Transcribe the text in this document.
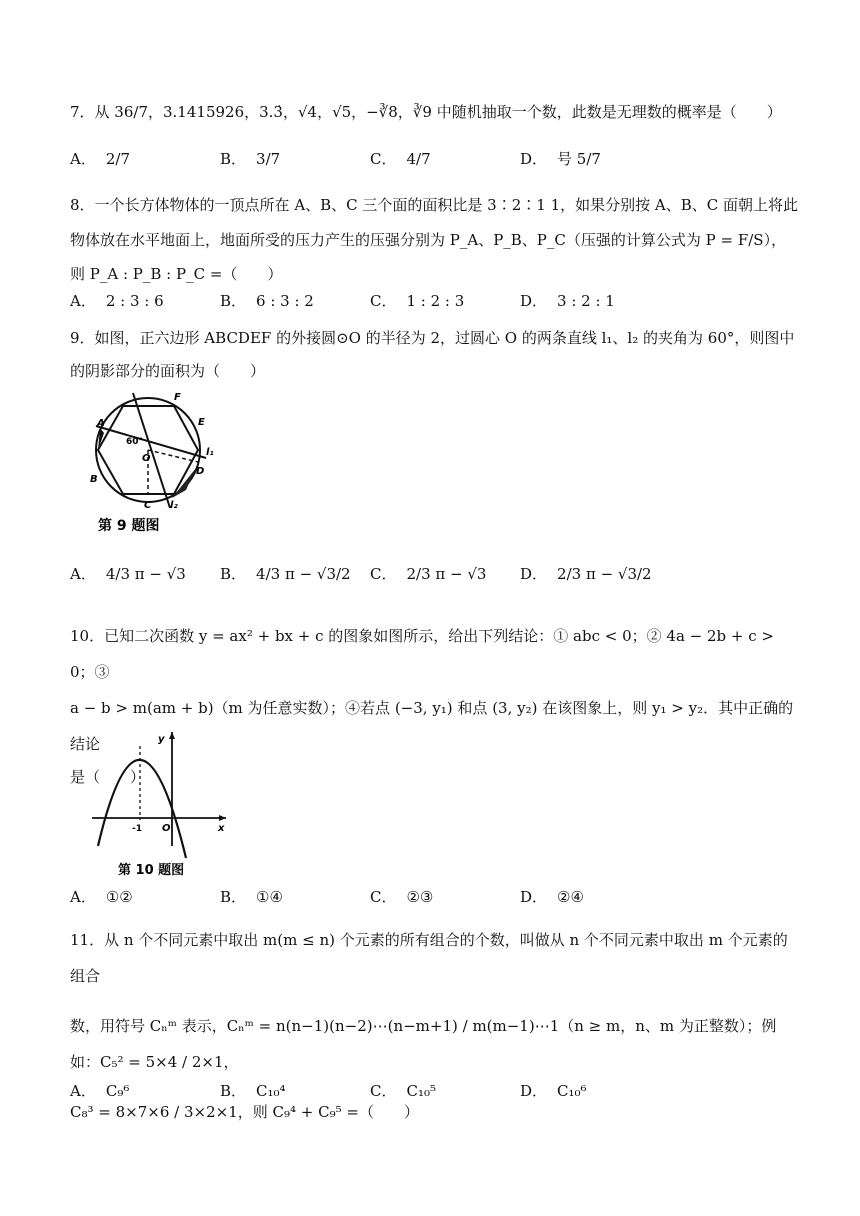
7．从 36/7，3.1415926，3.3̇，√4，√5，−∛8，∛9 中随机抽取一个数，此数是无理数的概率是（　　）

A． 2/7	B． 3/7	C． 4/7	D． 号 5/7

8．一个长方体物体的一顶点所在 A、B、C 三个面的面积比是 3∶2∶1 1，如果分别按 A、B、C 面朝上将此物体放在水平地面上，地面所受的压力产生的压强分别为 P_A、P_B、P_C（压强的计算公式为 P = F/S），则 P_A : P_B : P_C =（　　）

A． 2 : 3 : 6	B． 6 : 3 : 2	C． 1 : 2 : 3	D． 3 : 2 : 1

9．如图，正六边形 ABCDEF 的外接圆⊙O 的半径为 2，过圆心 O 的两条直线 l₁、l₂ 的夹角为 60°，则图中的阴影部分的面积为（　　）

A
F
E
60°
O
l₁
D
B
C l₂
第 9 题图
A． 4/3 π − √3 B． 4/3 π − √3/2 C． 2/3 π − √3 D． 2/3 π − √3/2

10．已知二次函数 y = ax² + bx + c 的图象如图所示，给出下列结论：① abc < 0；② 4a − 2b + c > 0；③

a − b > m(am + b)（m 为任意实数）；④若点 (−3, y₁) 和点 (3, y₂) 在该图象上，则 y₁ > y₂．其中正确的结论

是（　　）

y
-1 O	x
第 10 题图
A． ①②	B． ①④	C． ②③	D． ②④

11．从 n 个不同元素中取出 m(m ≤ n) 个元素的所有组合的个数，叫做从 n 个不同元素中取出 m 个元素的组合

数，用符号 Cₙᵐ 表示，Cₙᵐ = n(n−1)(n−2)⋯(n−m+1) / m(m−1)⋯1（n ≥ m，n、m 为正整数）；例如：C₅² = 5×4 / 2×1，

C₈³ = 8×7×6 / 3×2×1，则 C₉⁴ + C₉⁵ =（　　）

A． C₉⁶	B． C₁₀⁴	C． C₁₀⁵	D． C₁₀⁶
